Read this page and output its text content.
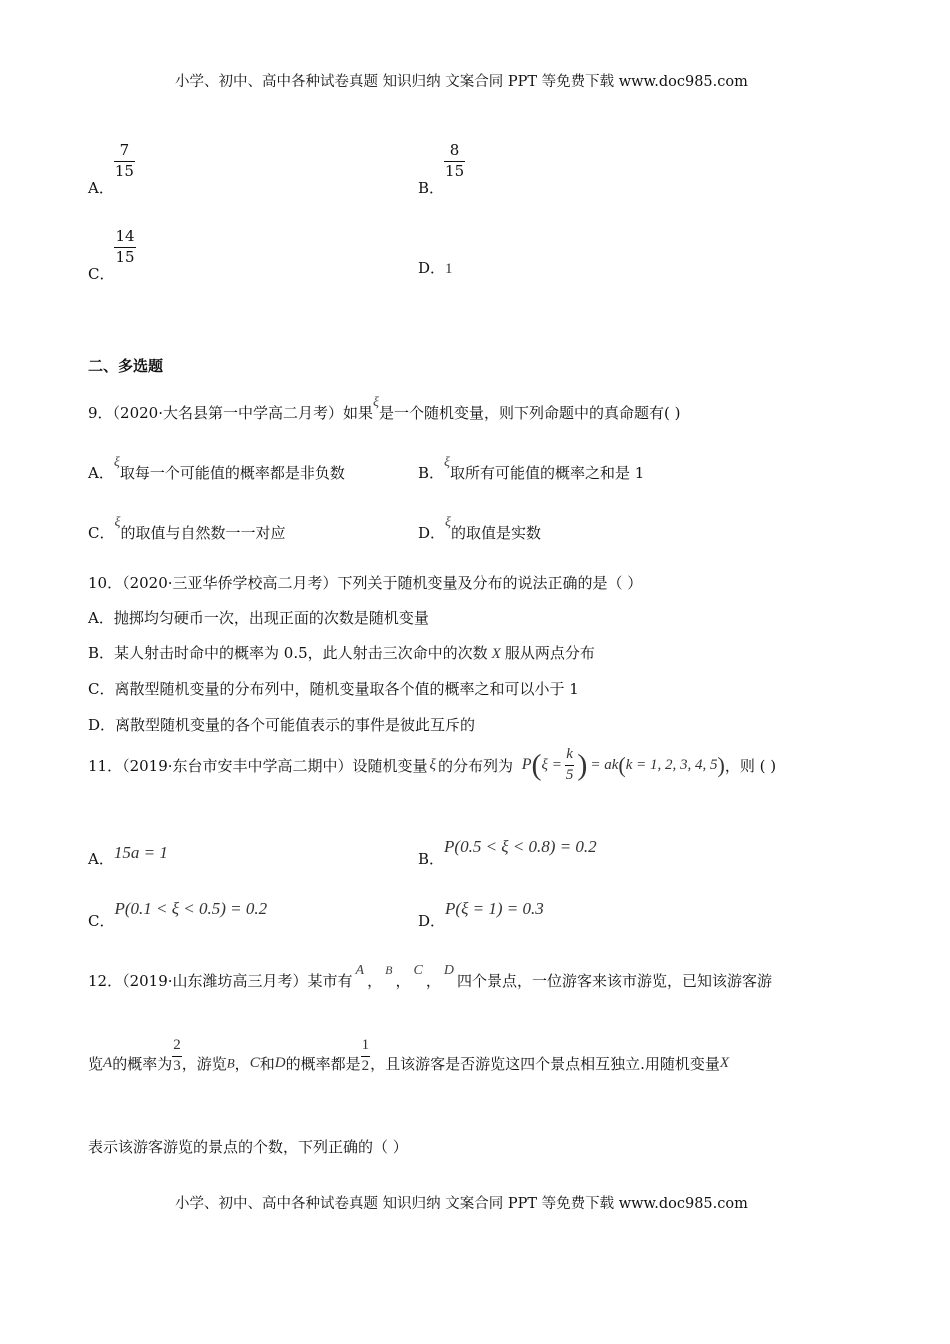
小学、初中、高中各种试卷真题 知识归纳 文案合同 PPT 等免费下载 www.doc985.com
A．
$\frac{7}{15}$
B．
$\frac{8}{15}$
C．
$\frac{14}{15}$
D．1
二、多选题
9．（2020·大名县第一中学高二月考）如果ξ是一个随机变量，则下列命题中的真命题有( )
A．ξ取每一个可能值的概率都是非负数	B．ξ取所有可能值的概率之和是 1
C．ξ的取值与自然数一一对应	D．ξ的取值是实数
10．（2020·三亚华侨学校高二月考）下列关于随机变量及分布的说法正确的是（ ）
A．抛掷均匀硬币一次，出现正面的次数是随机变量
B．某人射击时命中的概率为 0.5，此人射击三次命中的次数 X 服从两点分布
C．离散型随机变量的分布列中，随机变量取各个值的概率之和可以小于 1
D．离散型随机变量的各个可能值表示的事件是彼此互斥的
11．（2019·东台市安丰中学高二期中）设随机变量 ξ 的分布列为 $P(\xi = \frac{k}{5}$ ) = ak(k = 1, 2, 3, 4, 5)，则 ( )
A．15a = 1	B．P(0.5 < ξ < 0.8) = 0.2
C．P(0.1 < ξ < 0.5) = 0.2
D．P(ξ = 1) = 0.3
12．（2019·山东潍坊高三月考）某市有A，$^B$，C，D四个景点，一位游客来该市游览，已知该游客游
览A的概率为 $\frac{2}{3}$ ，游览B，C和D的概率都是 $\frac{1}{2}$ ，且该游客是否游览这四个景点相互独立.用随机变量X
表示该游客游览的景点的个数，下列正确的（ ）
小学、初中、高中各种试卷真题 知识归纳 文案合同 PPT 等免费下载 www.doc985.com
